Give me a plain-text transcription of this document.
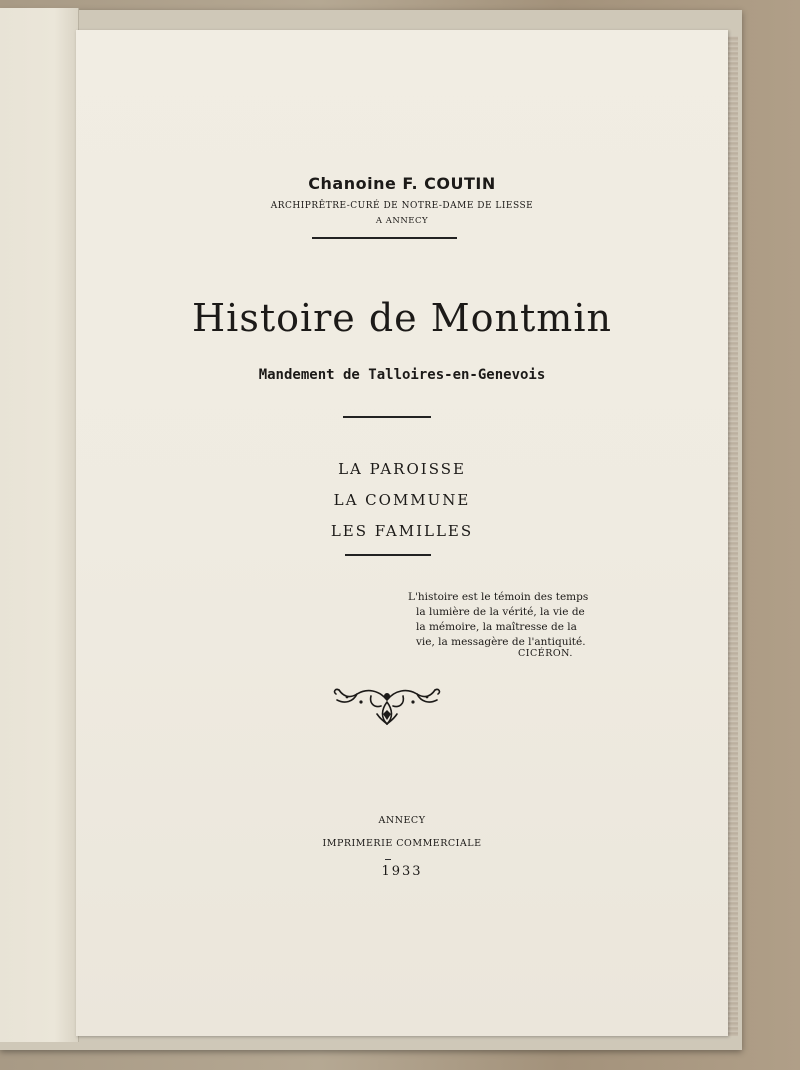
Chanoine F. COUTIN
ARCHIPRÊTRE-CURÉ DE NOTRE-DAME DE LIESSE
A ANNECY
Histoire de Montmin
Mandement de Talloires-en-Genevois
LA PAROISSE
LA COMMUNE
LES FAMILLES
L'histoire est le témoin des temps
la lumière de la vérité, la vie de
la mémoire, la maîtresse de la
vie, la messagère de l'antiquité.
CICÉRON.
ANNECY
IMPRIMERIE COMMERCIALE
1933
